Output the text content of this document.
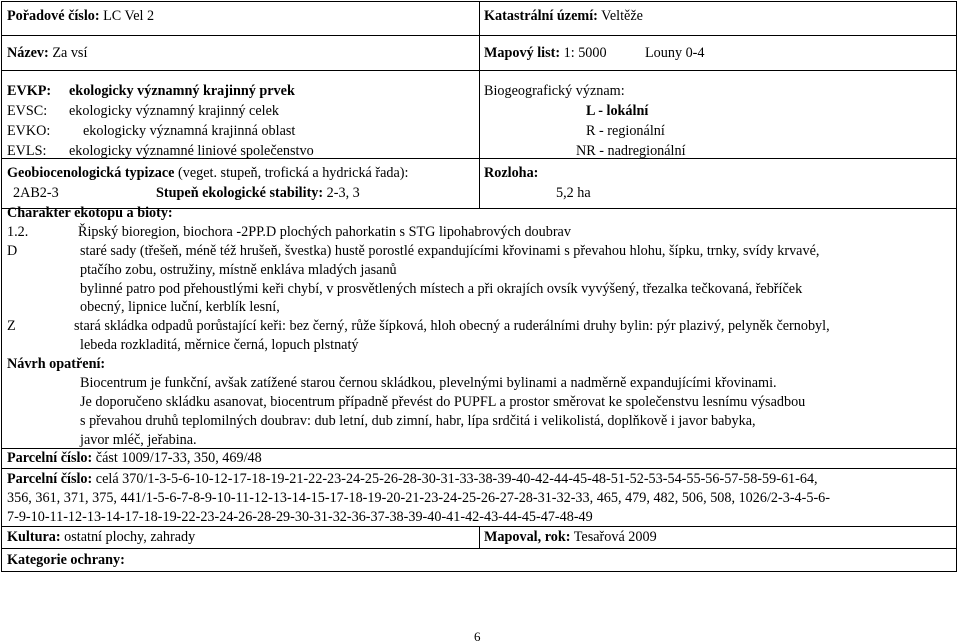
Pořadové číslo: LC Vel 2	Katastrální území: Veltěže
Název: Za vsí	Mapový list: 1: 5000	Louny 0-4
EVKP: ekologicky významný krajinný prvek
EVSC: ekologicky významný krajinný celek
EVKO: ekologicky významná krajinná oblast
EVLS: ekologicky významné liniové společenstvo
Biogeografický význam:
L - lokální
R - regionální
NR - nadregionální
Geobiocenologická typizace (veget. stupeň, trofická a hydrická řada):
2AB2-3	Stupeň ekologické stability: 2-3, 3
Rozloha:
5,2 ha
Charakter ekotopu a bioty:
1.2.	Řipský bioregion, biochora -2PP.D plochých pahorkatin s STG lipohabrových doubrav
D	staré sady (třešeň, méně též hrušeň, švestka) hustě porostlé expandujícími křovinami s převahou hlohu, šípku, trnky, svídy krvavé,
ptačího zobu, ostružiny, místně enkláva mladých jasanů
bylinné patro pod přehoustlými keři chybí, v prosvětlených místech a při okrajích ovsík vyvýšený, třezalka tečkovaná, řebříček
obecný, lipnice luční, kerblík lesní,
Z	stará skládka odpadů porůstající keři: bez černý, růže šípková, hloh obecný a ruderálními druhy bylin: pýr plazivý, pelyněk černobyl,
lebeda rozkladitá, měrnice černá, lopuch plstnatý
Návrh opatření:
Biocentrum je funkční, avšak zatížené starou černou skládkou, plevelnými bylinami a nadměrně expandujícími křovinami.
Je doporučeno skládku asanovat, biocentrum případně převést do PUPFL a prostor směrovat ke společenstvu lesnímu výsadbou
s převahou druhů teplomilných doubrav: dub letní, dub zimní, habr, lípa srdčitá i velikolistá, doplňkově i javor babyka,
javor mléč, jeřabina.
Parcelní číslo: část 1009/17-33, 350, 469/48
Parcelní číslo: celá 370/1-3-5-6-10-12-17-18-19-21-22-23-24-25-26-28-30-31-33-38-39-40-42-44-45-48-51-52-53-54-55-56-57-58-59-61-64,
356, 361, 371, 375, 441/1-5-6-7-8-9-10-11-12-13-14-15-17-18-19-20-21-23-24-25-26-27-28-31-32-33, 465, 479, 482, 506, 508, 1026/2-3-4-5-6-
7-9-10-11-12-13-14-17-18-19-22-23-24-26-28-29-30-31-32-36-37-38-39-40-41-42-43-44-45-47-48-49
Kultura: ostatní plochy, zahrady	Mapoval, rok: Tesařová 2009
Kategorie ochrany:
6
